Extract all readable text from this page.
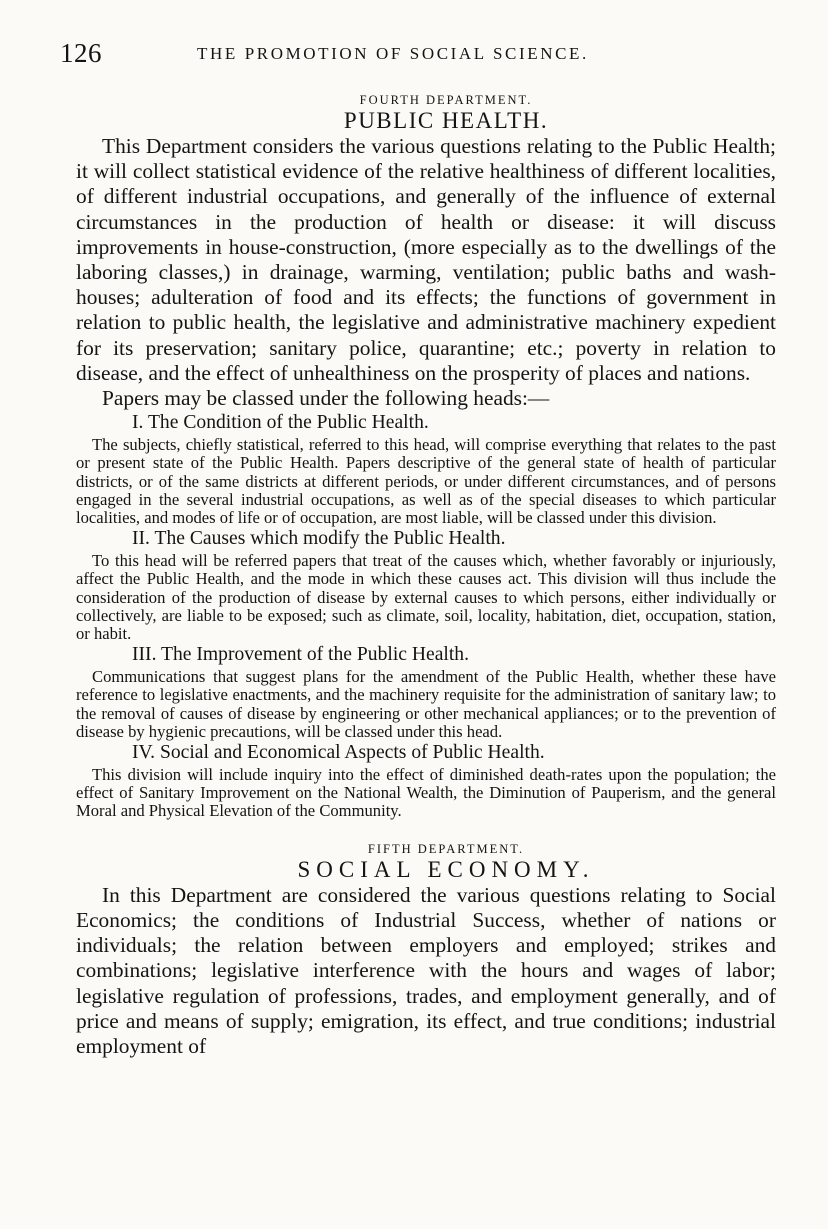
126	THE PROMOTION OF SOCIAL SCIENCE.
FOURTH DEPARTMENT.
PUBLIC HEALTH.

This Department considers the various questions relating to the Public Health; it will collect statistical evidence of the relative healthiness of different localities, of different industrial occupations, and generally of the influence of external circumstances in the production of health or disease: it will discuss improvements in house-construction, (more especially as to the dwellings of the laboring classes,) in drainage, warming, ventilation; public baths and wash-houses; adulteration of food and its effects; the functions of government in relation to public health, the legislative and administrative machinery expedient for its preservation; sanitary police, quarantine; etc.; poverty in relation to disease, and the effect of unhealthiness on the prosperity of places and nations.

Papers may be classed under the following heads:—

I. The Condition of the Public Health.

The subjects, chiefly statistical, referred to this head, will comprise everything that relates to the past or present state of the Public Health. Papers descriptive of the general state of health of particular districts, or of the same districts at different periods, or under different circumstances, and of persons engaged in the several industrial occupations, as well as of the special diseases to which particular localities, and modes of life or of occupation, are most liable, will be classed under this division.

II. The Causes which modify the Public Health.

To this head will be referred papers that treat of the causes which, whether favorably or injuriously, affect the Public Health, and the mode in which these causes act. This division will thus include the consideration of the production of disease by external causes to which persons, either individually or collectively, are liable to be exposed; such as climate, soil, locality, habitation, diet, occupation, station, or habit.

III. The Improvement of the Public Health.

Communications that suggest plans for the amendment of the Public Health, whether these have reference to legislative enactments, and the machinery requisite for the administration of sanitary law; to the removal of causes of disease by engineering or other mechanical appliances; or to the prevention of disease by hygienic precautions, will be classed under this head.

IV. Social and Economical Aspects of Public Health.

This division will include inquiry into the effect of diminished death-rates upon the population; the effect of Sanitary Improvement on the National Wealth, the Diminution of Pauperism, and the general Moral and Physical Elevation of the Community.

FIFTH DEPARTMENT.
SOCIAL ECONOMY.

In this Department are considered the various questions relating to Social Economics; the conditions of Industrial Success, whether of nations or individuals; the relation between employers and employed; strikes and combinations; legislative interference with the hours and wages of labor; legislative regulation of professions, trades, and employment generally, and of price and means of supply; emigration, its effect, and true conditions; industrial employment of
